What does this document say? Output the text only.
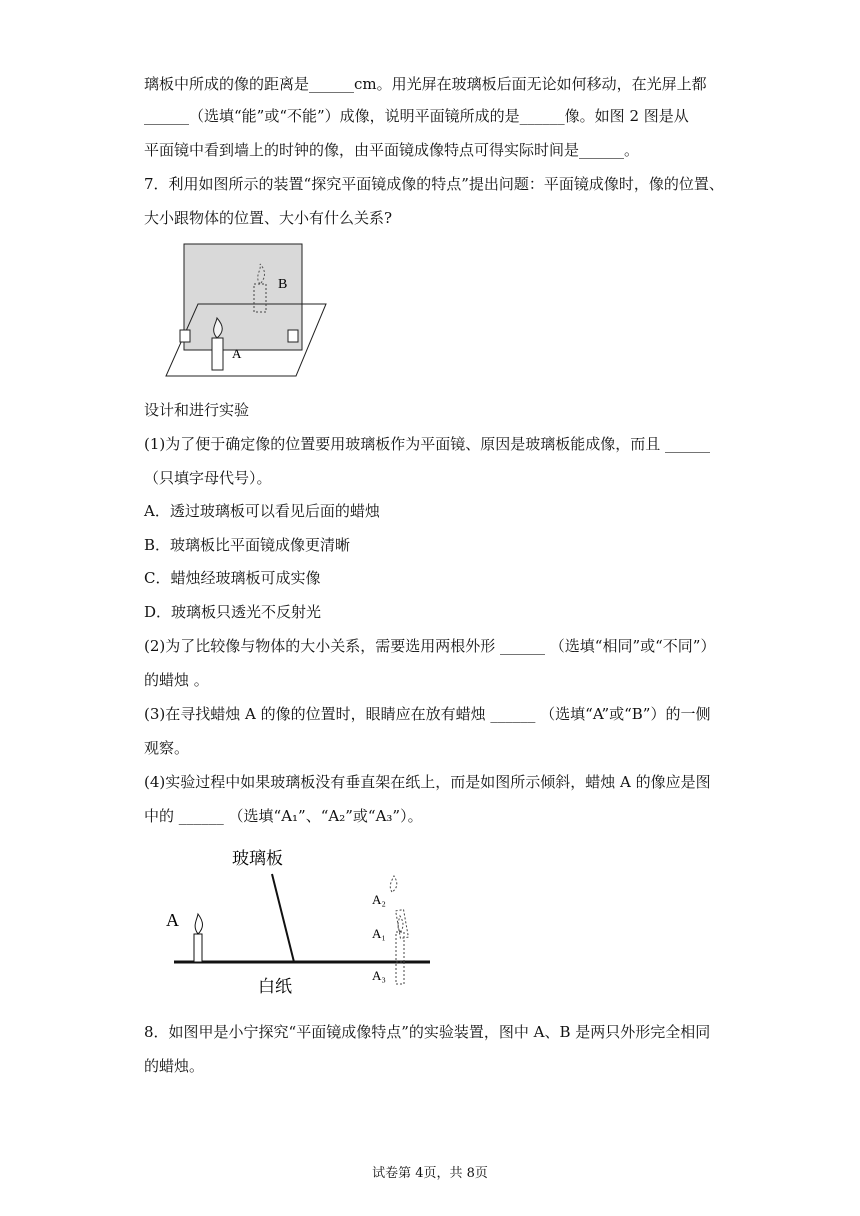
璃板中所成的像的距离是______cm。用光屏在玻璃板后面无论如何移动，在光屏上都
______（选填“能”或“不能”）成像，说明平面镜所成的是______像。如图 2 图是从
平面镜中看到墙上的时钟的像，由平面镜成像特点可得实际时间是______。
7．利用如图所示的装置“探究平面镜成像的特点”提出问题：平面镜成像时，像的位置、
大小跟物体的位置、大小有什么关系?
B
A
设计和进行实验
(1)为了便于确定像的位置要用玻璃板作为平面镜、原因是玻璃板能成像，而且 ______
（只填字母代号）。
A．透过玻璃板可以看见后面的蜡烛
B．玻璃板比平面镜成像更清晰
C．蜡烛经玻璃板可成实像
D．玻璃板只透光不反射光
(2)为了比较像与物体的大小关系，需要选用两根外形 ______ （选填“相同”或“不同”）
的蜡烛 。
(3)在寻找蜡烛 A 的像的位置时，眼睛应在放有蜡烛 ______ （选填“A”或“B”）的一侧
观察。
(4)实验过程中如果玻璃板没有垂直架在纸上，而是如图所示倾斜，蜡烛 A 的像应是图
中的 ______ （选填“A₁”、“A₂”或“A₃”）。
玻璃板
白纸
A
A₂
A₁
A₃
8．如图甲是小宁探究“平面镜成像特点”的实验装置，图中 A、B 是两只外形完全相同
的蜡烛。
试卷第 4页，共 8页
